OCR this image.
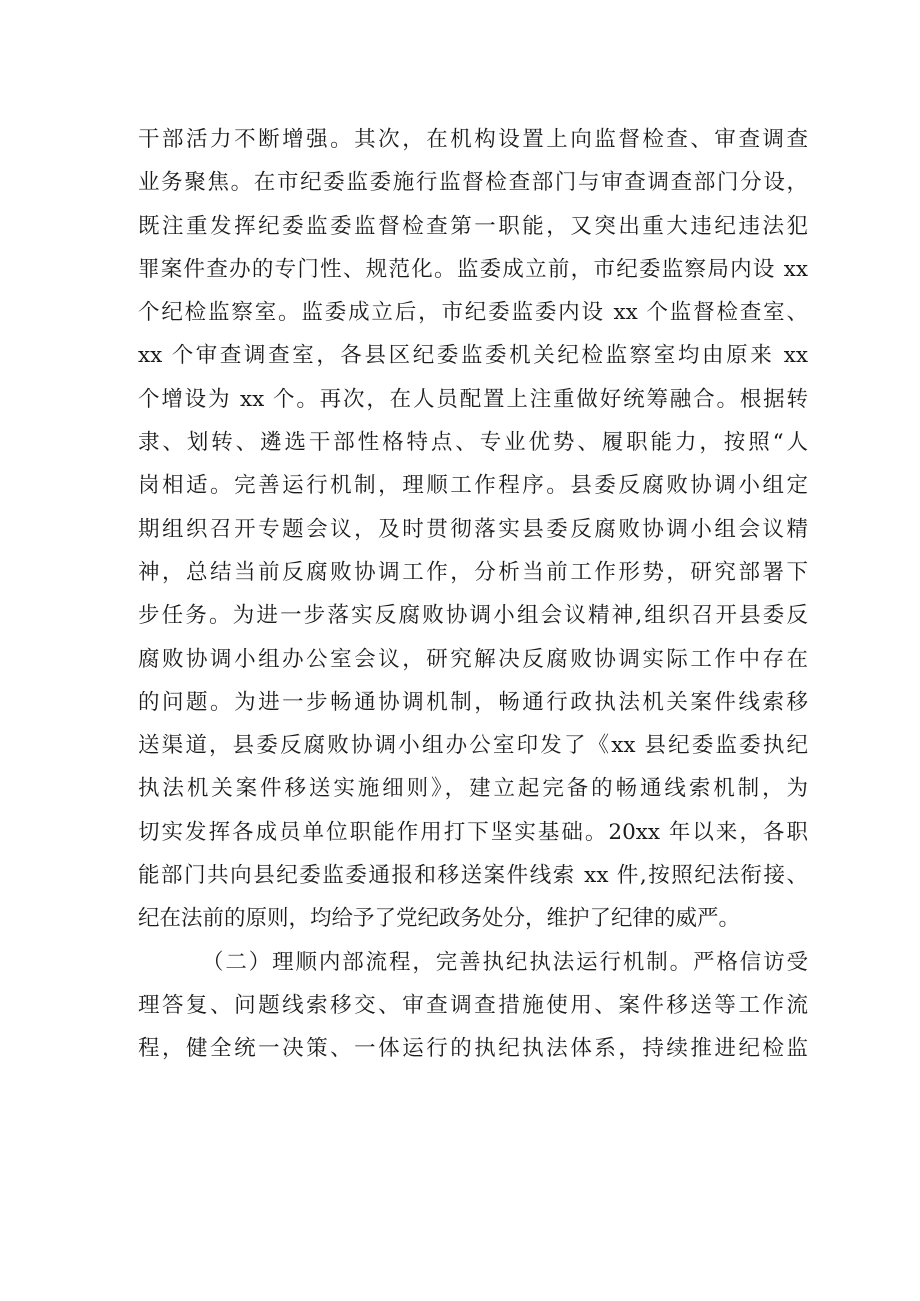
干部活力不断增强。其次，在机构设置上向监督检查、审查调查
业务聚焦。在市纪委监委施行监督检查部门与审查调查部门分设，
既注重发挥纪委监委监督检查第一职能，又突出重大违纪违法犯
罪案件查办的专门性、规范化。监委成立前，市纪委监察局内设 xx
个纪检监察室。监委成立后，市纪委监委内设 xx 个监督检查室、
xx 个审查调查室，各县区纪委监委机关纪检监察室均由原来 xx
个增设为 xx 个。再次，在人员配置上注重做好统筹融合。根据转
隶、划转、遴选干部性格特点、专业优势、履职能力，按照“人
岗相适。完善运行机制，理顺工作程序。县委反腐败协调小组定
期组织召开专题会议，及时贯彻落实县委反腐败协调小组会议精
神，总结当前反腐败协调工作，分析当前工作形势，研究部署下
步任务。为进一步落实反腐败协调小组会议精神,组织召开县委反
腐败协调小组办公室会议，研究解决反腐败协调实际工作中存在
的问题。为进一步畅通协调机制，畅通行政执法机关案件线索移
送渠道，县委反腐败协调小组办公室印发了《xx 县纪委监委执纪
执法机关案件移送实施细则》，建立起完备的畅通线索机制，为
切实发挥各成员单位职能作用打下坚实基础。20xx 年以来，各职
能部门共向县纪委监委通报和移送案件线索 xx 件,按照纪法衔接、
纪在法前的原则，均给予了党纪政务处分，维护了纪律的威严。
（二）理顺内部流程，完善执纪执法运行机制。严格信访受
理答复、问题线索移交、审查调查措施使用、案件移送等工作流
程，健全统一决策、一体运行的执纪执法体系，持续推进纪检监
